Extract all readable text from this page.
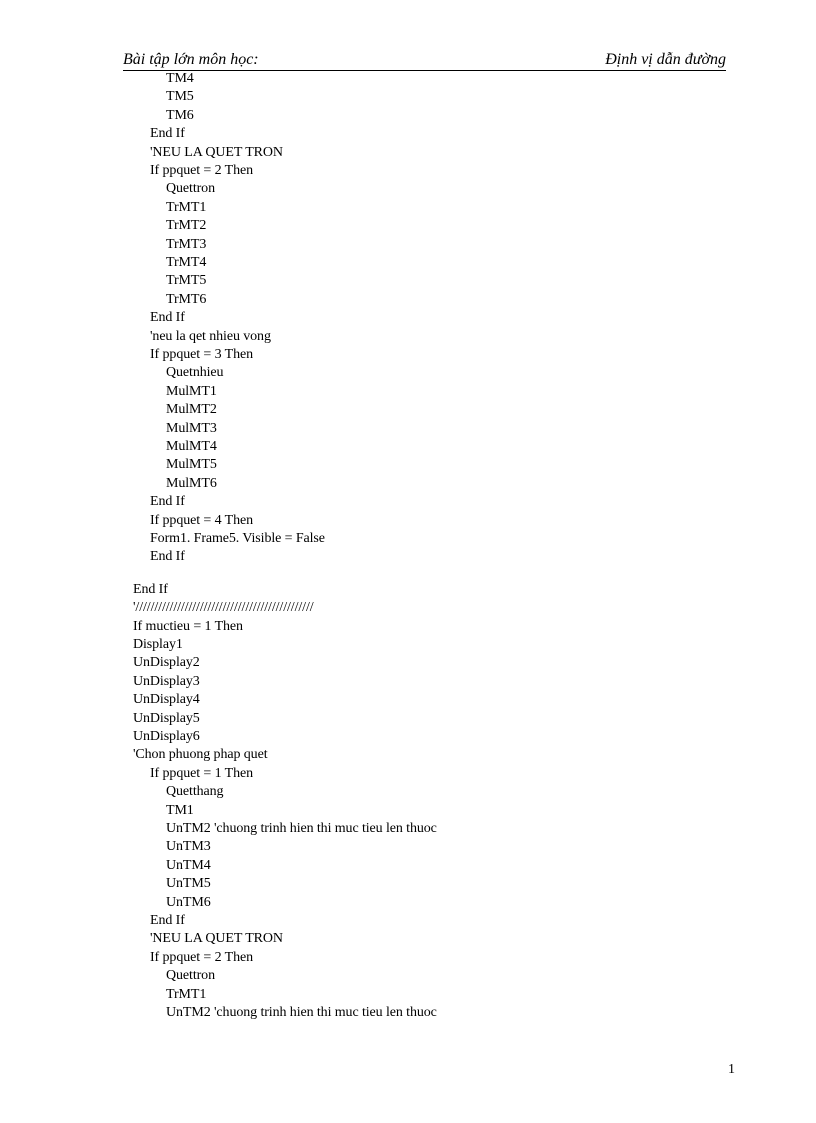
Bài tập lớn môn học:	Định vị dẫn đường
TM4
TM5
TM6
End If
'NEU LA QUET TRON
If ppquet = 2 Then
Quettron
TrMT1
TrMT2
TrMT3
TrMT4
TrMT5
TrMT6
End If
'neu la qet nhieu vong
If ppquet = 3 Then
Quetnhieu
MulMT1
MulMT2
MulMT3
MulMT4
MulMT5
MulMT6
End If
If ppquet = 4 Then
Form1. Frame5. Visible = False
End If
End If
'///////////////////////////////////////////////
If muctieu = 1 Then
Display1
UnDisplay2
UnDisplay3
UnDisplay4
UnDisplay5
UnDisplay6
'Chon phuong phap quet
If ppquet = 1 Then
Quetthang
TM1
UnTM2 'chuong trinh hien thi muc tieu len thuoc
UnTM3
UnTM4
UnTM5
UnTM6
End If
'NEU LA QUET TRON
If ppquet = 2 Then
Quettron
TrMT1
UnTM2 'chuong trinh hien thi muc tieu len thuoc
1
